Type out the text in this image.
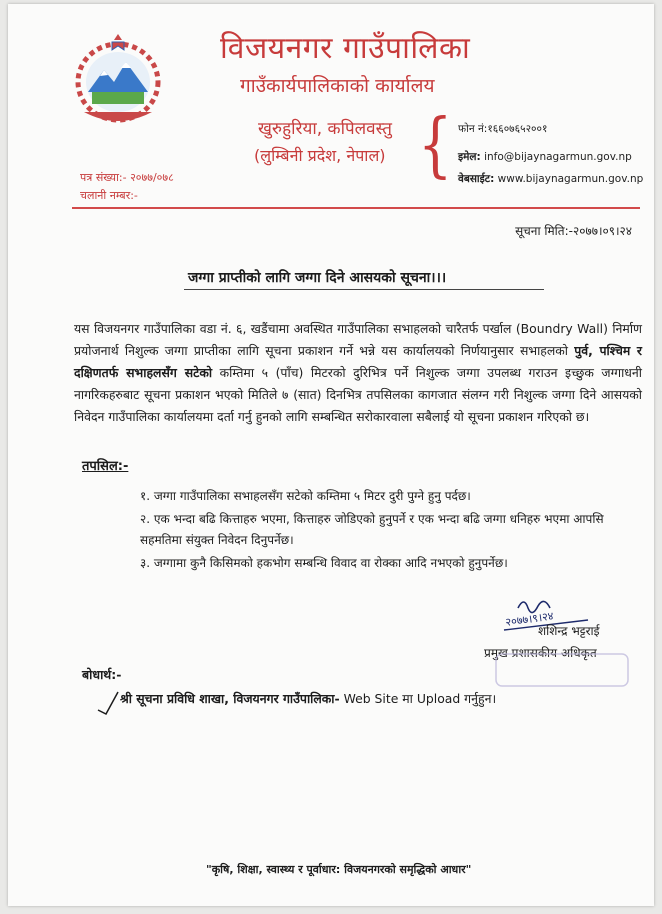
विजयनगर गाउँपालिका
गाउँकार्यपालिकाको कार्यालय
खुरुहुरिया, कपिलवस्तु
(लुम्बिनी प्रदेश, नेपाल) { फोन नं:१६६०७६५२००१
इमेल: info@bijaynagarmun.gov.np
वेबसाईट: www.bijaynagarmun.gov.np
पत्र संख्या:- २०७७/०७८
चलानी नम्बर:-
सूचना मिति:-२०७७।०९।२४
जग्गा प्राप्तीको लागि जग्गा दिने आसयको सूचना।।।
यस विजयनगर गाउँपालिका वडा नं. ६, खडैंचामा अवस्थित गाउँपालिका सभाहलको चारैतर्फ पर्खाल (Boundry Wall) निर्माण प्रयोजनार्थ निशुल्क जग्गा प्राप्तीका लागि सूचना प्रकाशन गर्ने भन्ने यस कार्यालयको निर्णयानुसार सभाहलको पुर्व, पश्चिम र दक्षिणतर्फ सभाहलसँग सटेको कम्तिमा ५ (पाँच) मिटरको दुरिभित्र पर्ने निशुल्क जग्गा उपलब्ध गराउन इच्छुक जग्गाधनी नागरिकहरुबाट सूचना प्रकाशन भएको मितिले ७ (सात) दिनभित्र तपसिलका कागजात संलग्न गरी निशुल्क जग्गा दिने आसयको निवेदन गाउँपालिका कार्यालयमा दर्ता गर्नु हुनको लागि सम्बन्धित सरोकारवाला सबैलाई यो सूचना प्रकाशन गरिएको छ।
तपसिल:-

१. जग्गा गाउँपालिका सभाहलसँग सटेको कम्तिमा ५ मिटर दुरी पुग्ने हुनु पर्दछ।

२. एक भन्दा बढि कित्ताहरु भएमा, कित्ताहरु जोडिएको हुनुपर्ने र एक भन्दा बढि जग्गा धनिहरु भएमा आपसि सहमतिमा संयुक्त निवेदन दिनुपर्नेछ।

३. जग्गामा कुनै किसिमको हकभोग सम्बन्धि विवाद वा रोक्का आदि नभएको हुनुपर्नेछ।

२०७७।९।२४
शशिन्द्र भट्टराई
प्रमुख प्रशासकीय अधिकृत
बोधार्थ:-
श्री सूचना प्रविधि शाखा, विजयनगर गाउँपालिका- Web Site मा Upload गर्नुहुन।
"कृषि, शिक्षा, स्वास्थ्य र पूर्वाधार: विजयनगरको समृद्धिको आधार"
